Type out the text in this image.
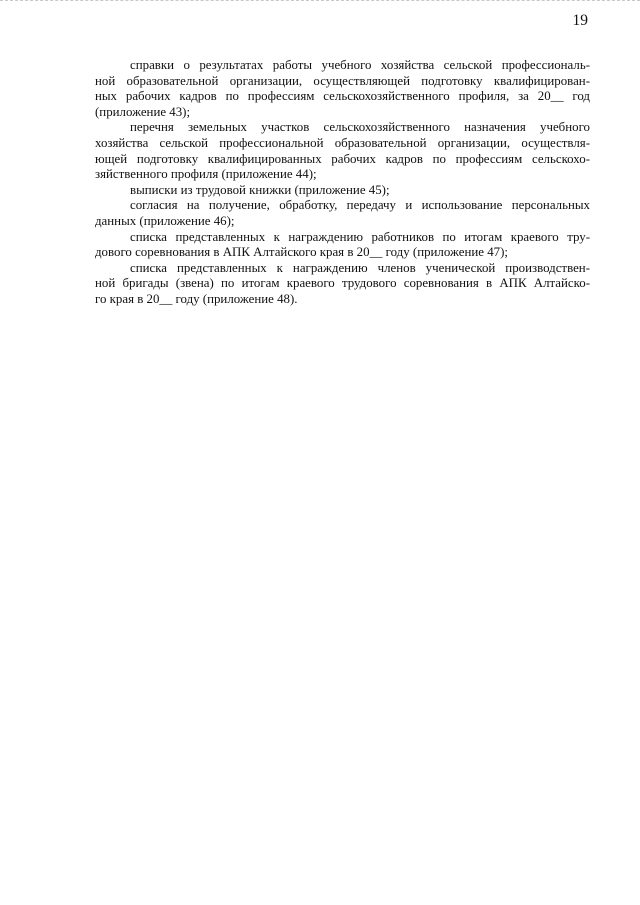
19
справки о результатах работы учебного хозяйства сельской профессиональ-
ной образовательной организации, осуществляющей подготовку квалифицирован-
ных рабочих кадров по профессиям сельскохозяйственного профиля, за 20__ год
(приложение 43);
перечня земельных участков сельскохозяйственного назначения учебного
хозяйства сельской профессиональной образовательной организации, осуществля-
ющей подготовку квалифицированных рабочих кадров по профессиям сельскохо-
зяйственного профиля (приложение 44);
выписки из трудовой книжки (приложение 45);
согласия на получение, обработку, передачу и использование персональных
данных (приложение 46);
списка представленных к награждению работников по итогам краевого тру-
дового соревнования в АПК Алтайского края в 20__ году (приложение 47);
списка представленных к награждению членов ученической производствен-
ной бригады (звена) по итогам краевого трудового соревнования в АПК Алтайско-
го края в 20__ году (приложение 48).
